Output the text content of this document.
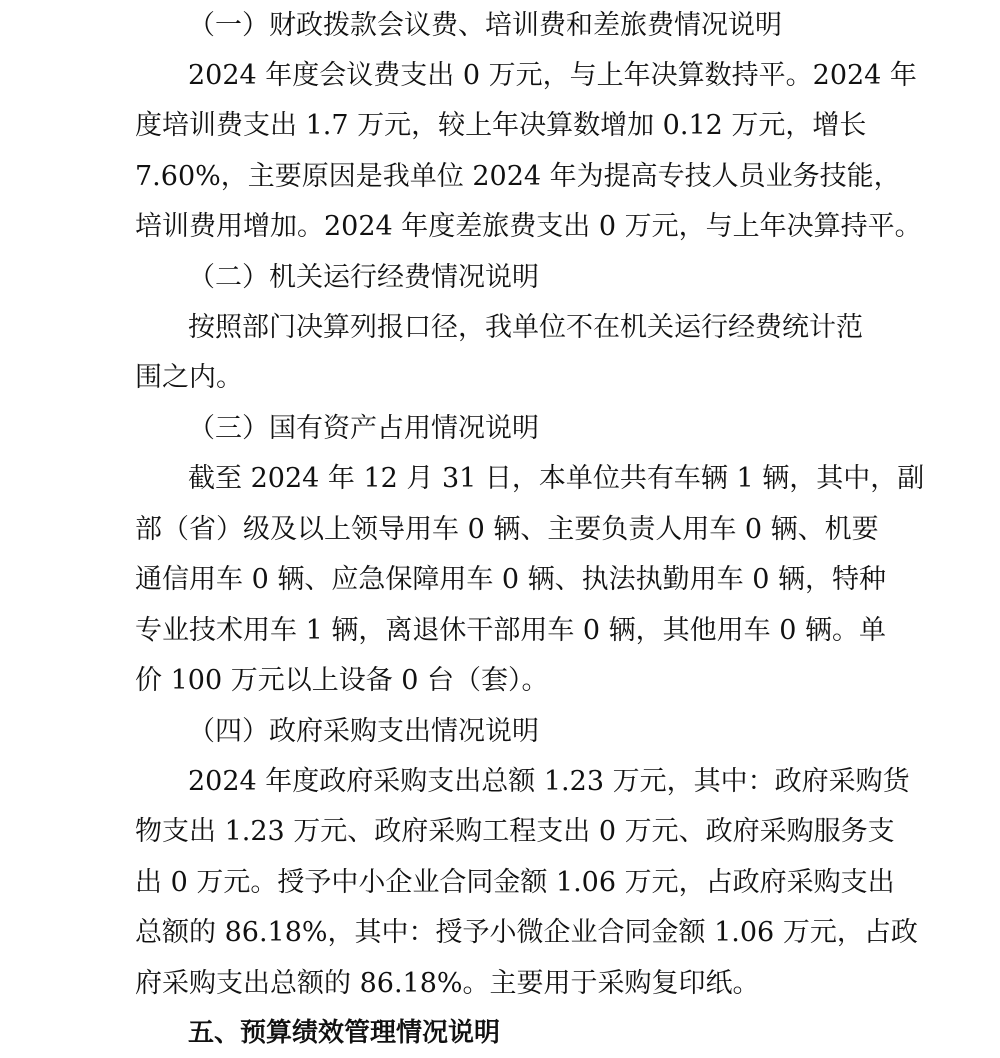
（一）财政拨款会议费、培训费和差旅费情况说明
2024 年度会议费支出 0 万元，与上年决算数持平。2024 年
度培训费支出 1.7 万元，较上年决算数增加 0.12 万元，增长
7.60%，主要原因是我单位 2024 年为提高专技人员业务技能，
培训费用增加。2024 年度差旅费支出 0 万元，与上年决算持平。
（二）机关运行经费情况说明
按照部门决算列报口径，我单位不在机关运行经费统计范
围之内。
（三）国有资产占用情况说明
截至 2024 年 12 月 31 日，本单位共有车辆 1 辆，其中，副
部（省）级及以上领导用车 0 辆、主要负责人用车 0 辆、机要
通信用车 0 辆、应急保障用车 0 辆、执法执勤用车 0 辆，特种
专业技术用车 1 辆，离退休干部用车 0 辆，其他用车 0 辆。单
价 100 万元以上设备 0 台（套）。
（四）政府采购支出情况说明
2024 年度政府采购支出总额 1.23 万元，其中：政府采购货
物支出 1.23 万元、政府采购工程支出 0 万元、政府采购服务支
出 0 万元。授予中小企业合同金额 1.06 万元，占政府采购支出
总额的 86.18%，其中：授予小微企业合同金额 1.06 万元，占政
府采购支出总额的 86.18%。主要用于采购复印纸。
五、预算绩效管理情况说明
